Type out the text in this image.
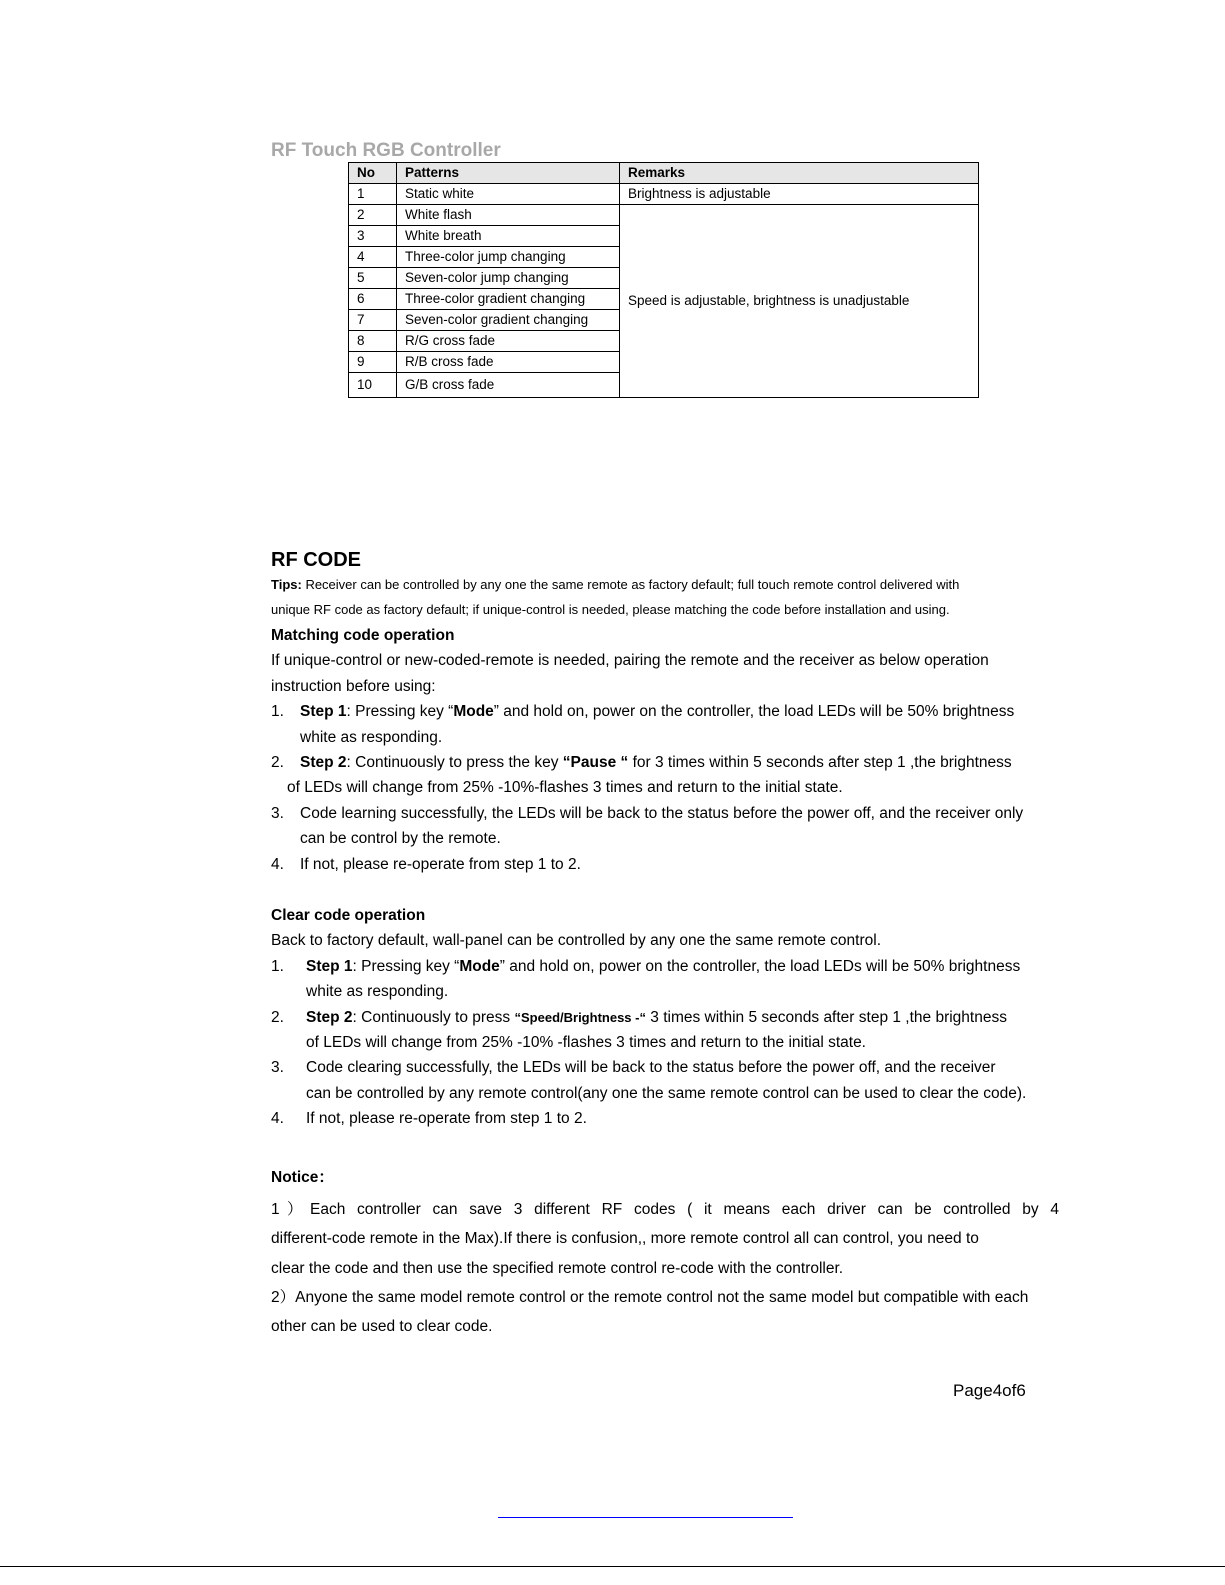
RF Touch RGB Controller
No	Patterns	Remarks
1	Static white	Brightness is adjustable
2	White flash	Speed is adjustable, brightness is unadjustable
3	White breath	
4	Three-color jump changing	
5	Seven-color jump changing	
6	Three-color gradient changing	
7	Seven-color gradient changing	
8	R/G cross fade	
9	R/B cross fade	
10	G/B cross fade	
RF CODE
Tips: Receiver can be controlled by any one the same remote as factory default; full touch remote control delivered with
unique RF code as factory default; if unique-control is needed, please matching the code before installation and using.
Matching code operation
If unique-control or new-coded-remote is needed, pairing the remote and the receiver as below operation
instruction before using:
1. Step 1: Pressing key “Mode” and hold on, power on the controller, the load LEDs will be 50% brightness
white as responding.
2. Step 2: Continuously to press the key “Pause “ for 3 times within 5 seconds after step 1 ,the brightness
of LEDs will change from 25% -10%-flashes 3 times and return to the initial state.
3. Code learning successfully, the LEDs will be back to the status before the power off, and the receiver only
can be control by the remote.
4. If not, please re-operate from step 1 to 2.
Clear code operation
Back to factory default, wall-panel can be controlled by any one the same remote control.
1. Step 1: Pressing key “Mode” and hold on, power on the controller, the load LEDs will be 50% brightness
white as responding.
2. Step 2: Continuously to press “Speed/Brightness -“ 3 times within 5 seconds after step 1 ,the brightness
of LEDs will change from 25% -10% -flashes 3 times and return to the initial state.
3. Code clearing successfully, the LEDs will be back to the status before the power off, and the receiver
can be controlled by any remote control(any one the same remote control can be used to clear the code).
4. If not, please re-operate from step 1 to 2.
Notice：
1）Each controller can save 3 different RF codes ( it means each driver can be controlled by 4
different-code remote in the Max).If there is confusion,, more remote control all can control, you need to
clear the code and then use the specified remote control re-code with the controller.
2）Anyone the same model remote control or the remote control not the same model but compatible with each
other can be used to clear code.
Page4of6
